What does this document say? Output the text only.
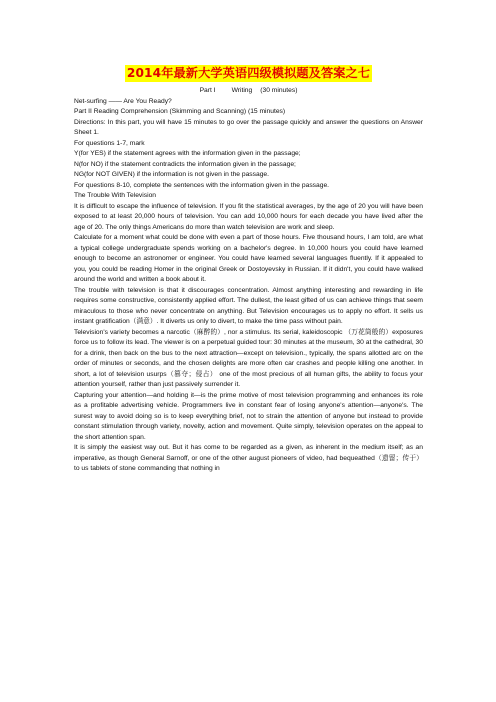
2014年最新大学英语四级模拟题及答案之七
Part I Writing (30 minutes)

Net-surfing —— Are You Ready?

Part II Reading Comprehension (Skimming and Scanning) (15 minutes)

Directions: In this part, you will have 15 minutes to go over the passage quickly and answer the questions on Answer Sheet 1.

For questions 1-7, mark

Y(for YES) if the statement agrees with the information given in the passage;

N(for NO) if the statement contradicts the information given in the passage;

NG(for NOT GIVEN) if the information is not given in the passage.

For questions 8-10, complete the sentences with the information given in the passage.

The Trouble With Television

It is difficult to escape the influence of television. If you fit the statistical averages, by the age of 20 you will have been exposed to at least 20,000 hours of television. You can add 10,000 hours for each decade you have lived after the age of 20. The only things Americans do more than watch television are work and sleep.

Calculate for a moment what could be done with even a part of those hours. Five thousand hours, I am told, are what a typical college undergraduate spends working on a bachelor's degree. In 10,000 hours you could have learned enough to become an astronomer or engineer. You could have learned several languages fluently. If it appealed to you, you could be reading Homer in the original Greek or Dostoyevsky in Russian. If it didn't, you could have walked around the world and written a book about it.

The trouble with television is that it discourages concentration. Almost anything interesting and rewarding in life requires some constructive, consistently applied effort. The dullest, the least gifted of us can achieve things that seem miraculous to those who never concentrate on anything. But Television encourages us to apply no effort. It sells us instant gratification（满意）. It diverts us only to divert, to make the time pass without pain.

Television's variety becomes a narcotic（麻醉的）, nor a stimulus. Its serial, kaleidoscopic （万花筒般的）exposures force us to follow its lead. The viewer is on a perpetual guided tour: 30 minutes at the museum, 30 at the cathedral, 30 for a drink, then back on the bus to the next attraction—except on television., typically, the spans allotted arc on the order of minutes or seconds, and the chosen delights are more often car crashes and people killing one another. In short, a lot of television usurps（篡夺；侵占） one of the most precious of all human gifts, the ability to focus your attention yourself, rather than just passively surrender it.

Capturing your attention—and holding it—is the prime motive of most television programming and enhances its role as a profitable advertising vehicle. Programmers live in constant fear of losing anyone's attention—anyone's. The surest way to avoid doing so is to keep everything brief, not to strain the attention of anyone but instead to provide constant stimulation through variety, novelty, action and movement. Quite simply, television operates on the appeal to the short attention span.

It is simply the easiest way out. But it has come to be regarded as a given, as inherent in the medium itself; as an imperative, as though General Sarnoff, or one of the other august pioneers of video, had bequeathed（遗留；传于） to us tablets of stone commanding that nothing in
